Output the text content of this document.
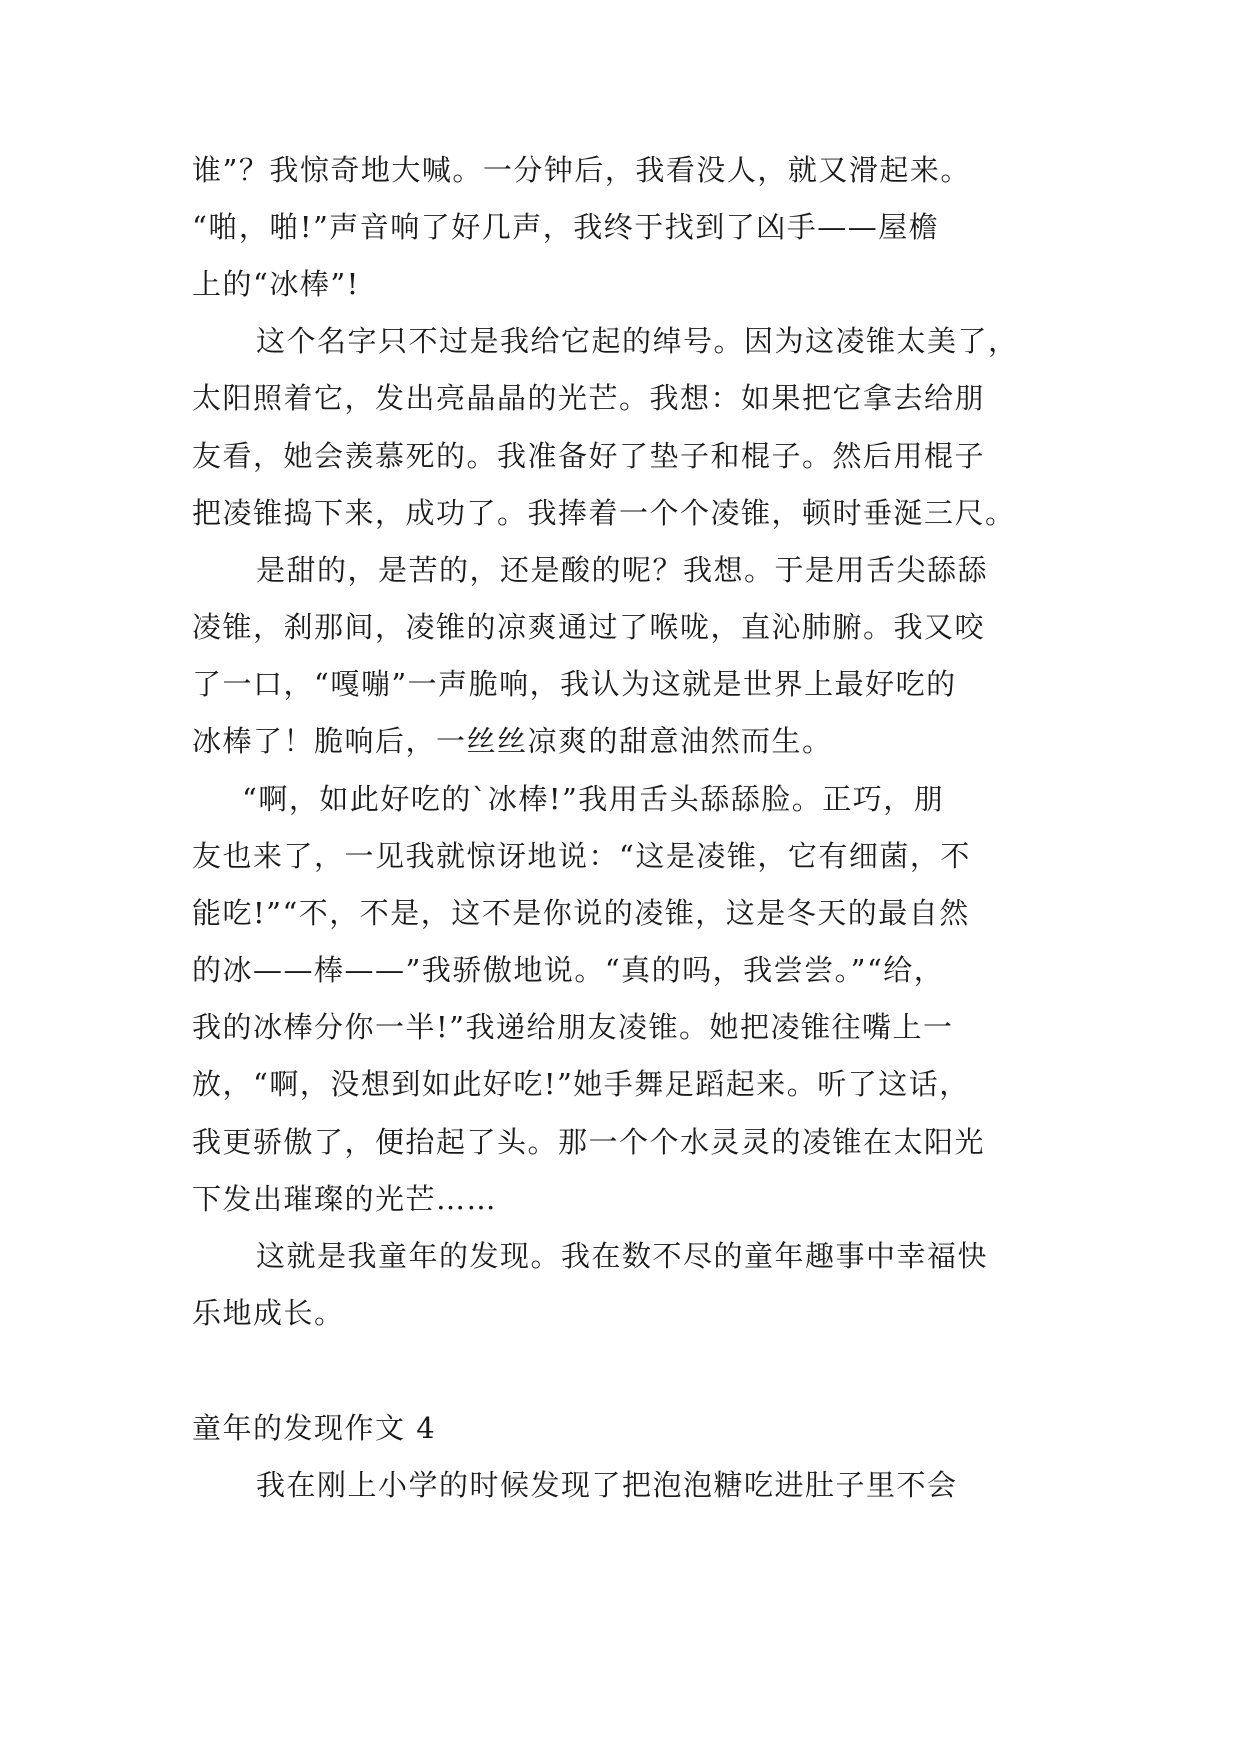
谁”？我惊奇地大喊。一分钟后，我看没人，就又滑起来。
“啪，啪!”声音响了好几声，我终于找到了凶手——屋檐
上的“冰棒”!
这个名字只不过是我给它起的绰号。因为这凌锥太美了，
太阳照着它，发出亮晶晶的光芒。我想：如果把它拿去给朋
友看，她会羡慕死的。我准备好了垫子和棍子。然后用棍子
把凌锥捣下来，成功了。我捧着一个个凌锥，顿时垂涎三尺。
是甜的，是苦的，还是酸的呢？我想。于是用舌尖舔舔
凌锥，刹那间，凌锥的凉爽通过了喉咙，直沁肺腑。我又咬
了一口，“嘎嘣”一声脆响，我认为这就是世界上最好吃的
冰棒了！脆响后，一丝丝凉爽的甜意油然而生。
“啊，如此好吃的`冰棒!”我用舌头舔舔脸。正巧，朋
友也来了，一见我就惊讶地说：“这是凌锥，它有细菌，不
能吃!”“不，不是，这不是你说的凌锥，这是冬天的最自然
的冰——棒——”我骄傲地说。“真的吗，我尝尝。”“给，
我的冰棒分你一半!”我递给朋友凌锥。她把凌锥往嘴上一
放，“啊，没想到如此好吃!”她手舞足蹈起来。听了这话，
我更骄傲了，便抬起了头。那一个个水灵灵的凌锥在太阳光
下发出璀璨的光芒……
这就是我童年的发现。我在数不尽的童年趣事中幸福快
乐地成长。
童年的发现作文 4
我在刚上小学的时候发现了把泡泡糖吃进肚子里不会
